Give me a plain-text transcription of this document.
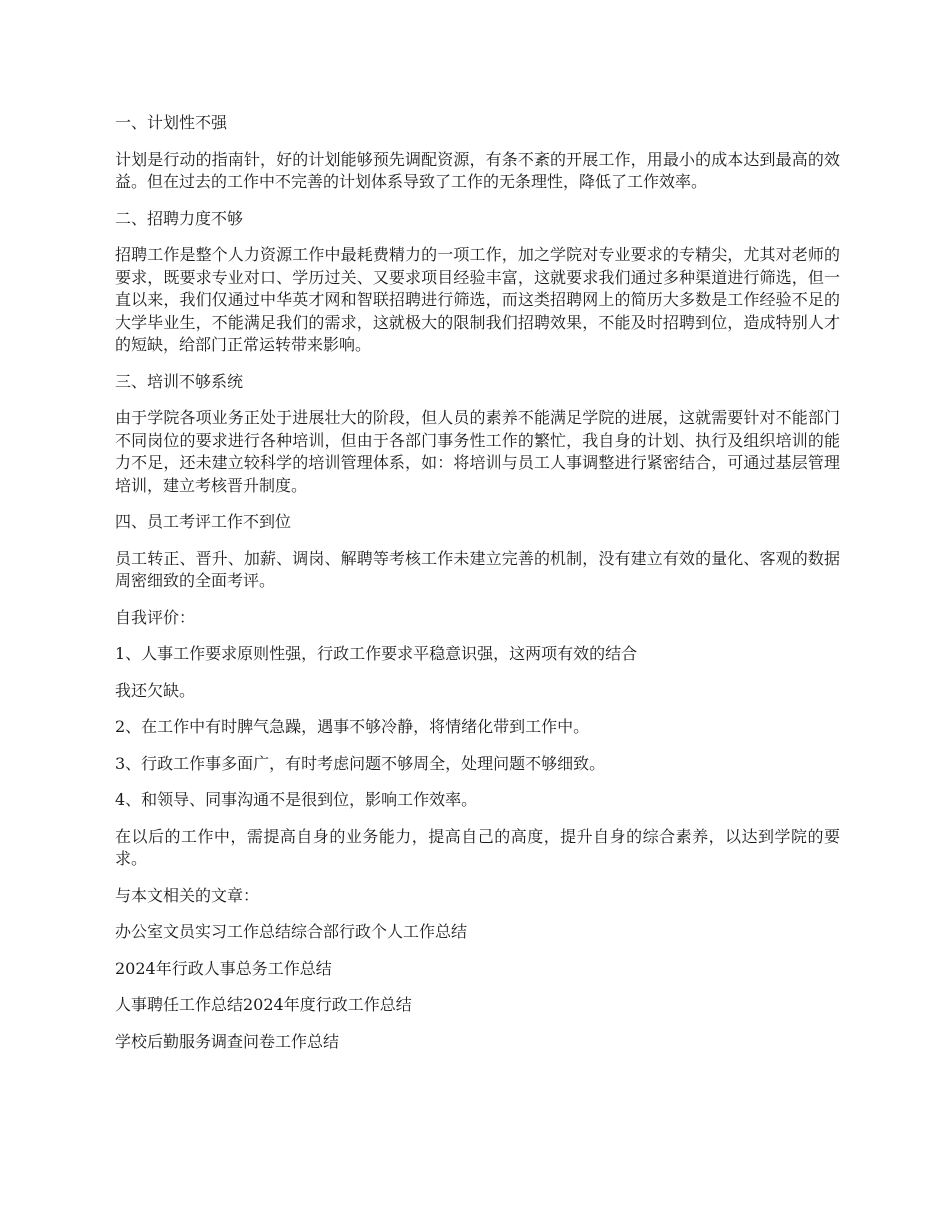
一、计划性不强

计划是行动的指南针，好的计划能够预先调配资源，有条不紊的开展工作，用最小的成本达到最高的效益。但在过去的工作中不完善的计划体系导致了工作的无条理性，降低了工作效率。

二、招聘力度不够

招聘工作是整个人力资源工作中最耗费精力的一项工作，加之学院对专业要求的专精尖，尤其对老师的要求，既要求专业对口、学历过关、又要求项目经验丰富，这就要求我们通过多种渠道进行筛选，但一直以来，我们仅通过中华英才网和智联招聘进行筛选，而这类招聘网上的简历大多数是工作经验不足的大学毕业生，不能满足我们的需求，这就极大的限制我们招聘效果，不能及时招聘到位，造成特别人才的短缺，给部门正常运转带来影响。

三、培训不够系统

由于学院各项业务正处于进展壮大的阶段，但人员的素养不能满足学院的进展，这就需要针对不能部门不同岗位的要求进行各种培训，但由于各部门事务性工作的繁忙，我自身的计划、执行及组织培训的能力不足，还未建立较科学的培训管理体系，如：将培训与员工人事调整进行紧密结合，可通过基层管理培训，建立考核晋升制度。

四、员工考评工作不到位

员工转正、晋升、加薪、调岗、解聘等考核工作未建立完善的机制，没有建立有效的量化、客观的数据周密细致的全面考评。

自我评价：

1、人事工作要求原则性强，行政工作要求平稳意识强，这两项有效的结合

我还欠缺。

2、在工作中有时脾气急躁，遇事不够冷静，将情绪化带到工作中。

3、行政工作事多面广，有时考虑问题不够周全，处理问题不够细致。

4、和领导、同事沟通不是很到位，影响工作效率。

在以后的工作中，需提高自身的业务能力，提高自己的高度，提升自身的综合素养，以达到学院的要求。

与本文相关的文章：

办公室文员实习工作总结综合部行政个人工作总结

2024年行政人事总务工作总结

人事聘任工作总结2024年度行政工作总结

学校后勤服务调查问卷工作总结
